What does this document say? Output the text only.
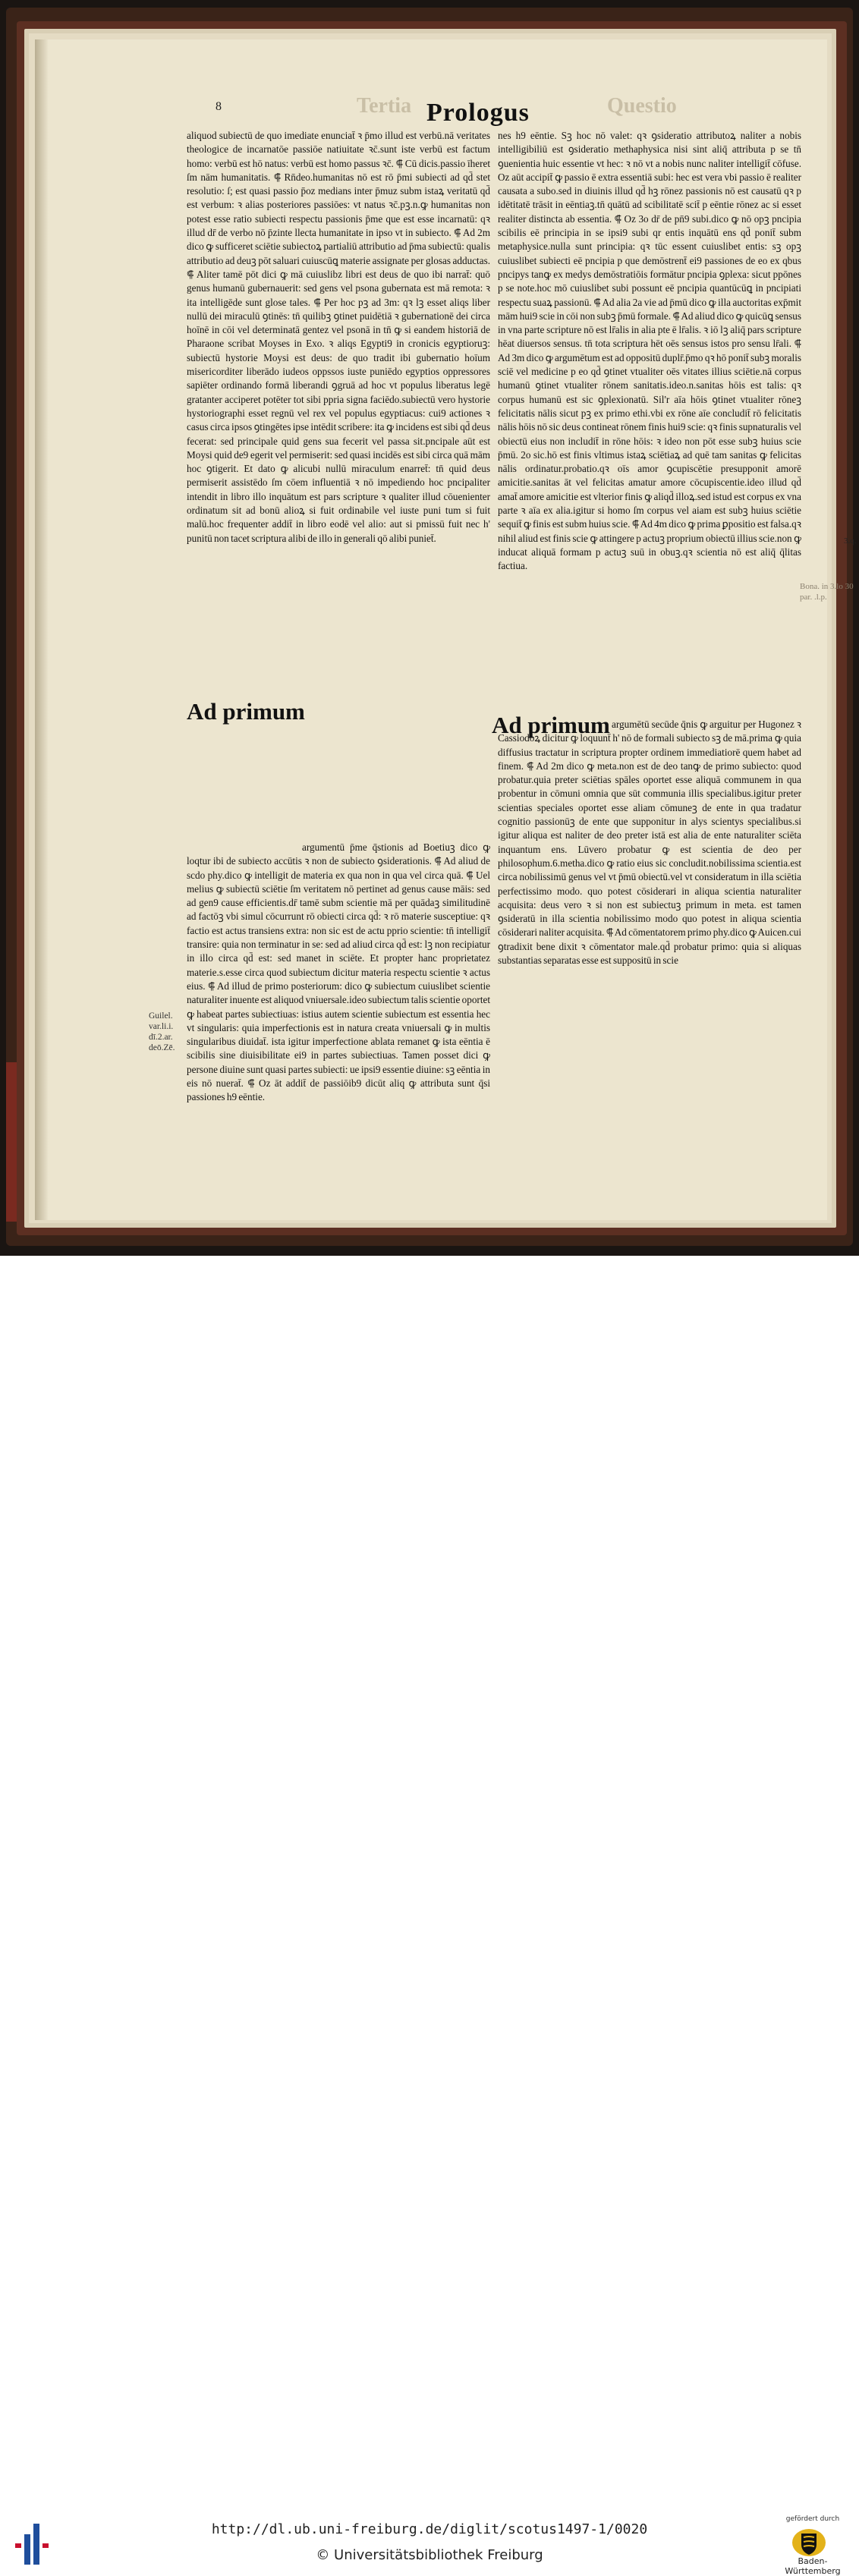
Tertia	Questio
8	Prologus

aliquod subiectū de quo imediate enunciat̄ ꝛ p̄mo illud est verbū.nā veritates theologice de incarnatōe passiōe natiuitate ꝛc̄.sunt iste verbū est factum homo: verbū est hō natus: verbū est homo passus ꝛc̄. ⸿ Cū dicis.passio īheret ſm nām humanitatis. ⸿ Rn̄deo.humanitas nō est rō p̄mi subiecti ad qd̄ stet resolutio: ſ; est quasi passio p̄oz medians inter p̄muz subm istaꝝ veritatū qd̄ est verbum: ꝛ alias posteriores passiōes: vt natus ꝛc̄.pꝫ.n.ꝙ humanitas non potest esse ratio subiecti respectu passionis p̄me que est esse incarnatū: qꝛ illud dr̄ de verbo nō p̄zinte llecta humanitate in ipso vt in subiecto. ⸿ Ad 2m dico ꝙ sufficeret sciētie subiectoꝝ partialiū attributio ad p̄ma subiectū: qualis attributio ad deuꝫ pōt saluari cuiuscūꝗ materie assignate per glosas adductas. ⸿ Aliter tamē pōt dici ꝙ mā cuiuslibz libri est deus de quo ibi narrat̄: quō genus humanū gubernauerit: sed gens vel psona gubernata est mā remota: ꝛ ita intelligēde sunt glose tales. ⸿ Per hoc pꝫ ad 3m: qꝛ lꝫ esset aliqs liber nullū dei miraculū ꝯtinēs: tn̄ quilibꝫ ꝯtinet puidētiā ꝛ gubernationē dei circa hoīnē in cōi vel determinatā gentez vel psonā in tn̄ ꝙ si eandem historiā de Pharaone scribat Moyses in Exo. ꝛ aliqs Egypti9 in cronicis egyptioruꝫ: subiectū hystorie Moysi est deus: de quo tradit ibi gubernatio hoīum misericorditer liberādo iudeos oppssos iuste puniēdo egyptios oppressores sapiēter ordinando formā liberandi ꝯgruā ad hoc vt populus liberatus legē gratanter acciperet potēter tot sibi ppria signa faciēdo.subiectū vero hystorie hystoriographi esset regnū vel rex vel populus egyptiacus: cui9 actiones ꝛ casus circa ipsos ꝯtingētes ipse intēdit scribere: ita ꝙ incidens est sibi qd̄ deus fecerat: sed principale quid gens sua fecerit vel passa sit.pncipale aūt est Moysi quid de9 egerit vel permiserit: sed quasi incidēs est sibi circa quā mām hoc ꝯtigerit. Et dato ꝙ alicubi nullū miraculum enarret̄: tn̄ quid deus permiserit assistēdo ſm cōem influentiā ꝛ nō impediendo hoc pncipaliter intendit in libro illo inquātum est pars scripture ꝛ qualiter illud cōuenienter ordinatum sit ad bonū alioꝝ si fuit ordinabile vel iuste puni tum si fuit malū.hoc frequenter addit̄ in libro eodē vel alio: aut si pmissū fuit nec h' punitū non tacet scriptura alibi de illo in generali qō alibi puniet̄.

argumentū p̄me q̄stionis ad Boetiuꝫ dico ꝙ loqtur ibi de subiecto accūtis ꝛ non de subiecto ꝯsiderationis. ⸿ Ad aliud de scdo phy.dico ꝙ intelligit de materia ex qua non in qua vel circa quā. ⸿ Uel melius ꝙ subiectū sciētie ſm veritatem nō pertinet ad genus cause māis: sed ad gen9 cause efficientis.dr̄ tamē subm scientie mā per quādaꝫ similitudinē ad factōꝫ vbi simul cōcurrunt rō obiecti circa qd̄: ꝛ rō materie susceptiue: qꝛ factio est actus transiens extra: non sic est de actu pprio scientie: tn̄ intelligit̄ transire: quia non terminatur in se: sed ad aliud circa qd̄ est: lꝫ non recipiatur in illo circa qd̄ est: sed manet in sciēte. Et propter hanc proprietatez materie.s.esse circa quod subiectum dicitur materia respectu scientie ꝛ actus eius. ⸿ Ad illud de primo posteriorum: dico ꝙ subiectum cuiuslibet scientie naturaliter inuente est aliquod vniuersale.ideo subiectum talis scientie oportet ꝙ habeat partes subiectiuas: istius autem scientie subiectum est essentia hec vt singularis: quia imperfectionis est in natura creata vniuersali ꝙ in multis singularibus diuidat̄. ista igitur imperfectione ablata remanet ꝙ ista eēntia ē scibilis sine diuisibilitate ei9 in partes subiectiuas. Tamen posset dici ꝙ persone diuine sunt quasi partes subiecti: ue ipsi9 essentie diuine: sꝫ eēntia in eis nō nuerat̄. ⸿ Oz āt addit̄ de passiōib9 dicūt aliq ꝙ attributa sunt q̄si passiones h9 eēntie.

Ad primum

nes h9 eēntie. Sꝫ hoc nō valet: qꝛ ꝯsideratio attributoꝝ naliter a nobis intelligibiliū est ꝯsideratio methaphysica nisi sint aliq̄ attributa p se tn̄ ꝯuenientia huic essentie vt hec: ꝛ nō vt a nobis nunc naliter intelligit̄ cōfuse. Oz aūt accipit̄ ꝙ passio ē extra essentiā subi: hec est vera vbi passio ē realiter causata a subo.sed in diuinis illud qd̄ hꝫ rōnez passionis nō est causatū qꝛ p idētitatē trāsit in eēntiaꝫ.tn̄ quātū ad scibilitatē scit̄ p eēntie rōnez ac si esset realiter distincta ab essentia. ⸿ Oz 3o dr̄ de pn̄9 subi.dico ꝙ nō opꝫ pncipia scibilis eē principia in se ipsi9 subi qr entis inquātū ens qd̄ ponit̄ subm metaphysice.nulla sunt principia: qꝛ tūc essent cuiuslibet entis: sꝫ opꝫ cuiuslibet subiecti eē pncipia p que demōstrent̄ ei9 passiones de eo ex qbus pncipys tanꝙ ex medys demōstratiōis formātur pncipia ꝯplexa: sicut ppōnes p se note.hoc mō cuiuslibet subi possunt eē pncipia quantūcūꝗ in pncipiati respectu suaꝝ passionū. ⸿ Ad alia 2a vie ad p̄mū dico ꝙ illa auctoritas exp̄mit mām hui9 scie in cōi non subꝫ p̄mū formale. ⸿ Ad aliud dico ꝙ quicūꝗ sensus in vna parte scripture nō est lr̄alis in alia pte ē lr̄alis. ꝛ iō lꝫ aliq̄ pars scripture hēat diuersos sensus. tn̄ tota scriptura hēt oēs sensus istos pro sensu lr̄ali. ⸿ Ad 3m dico ꝙ argumētum est ad oppositū duplr̄.p̄mo qꝛ hō ponit̄ subꝫ moralis sciē vel medicine p eo qd̄ ꝯtinet vtualiter oēs vitates illius sciētie.nā corpus humanū ꝯtinet vtualiter rōnem sanitatis.ideo.n.sanitas hōis est talis: qꝛ corpus humanū est sic ꝯplexionatū. Sil'r aīa hōis ꝯtinet vtualiter rōneꝫ felicitatis nālis sicut pꝫ ex primo ethi.vbi ex rōne aīe concludit̄ rō felicitatis nālis hōis nō sic deus contineat rōnem finis hui9 scie: qꝛ finis supnaturalis vel obiectū eius non includit̄ in rōne hōis: ꝛ ideo non pōt esse subꝫ huius scie p̄mū. 2o sic.hō est finis vltimus istaꝝ sciētiaꝝ ad quē tam sanitas ꝙ felicitas nālis ordinatur.probatio.qꝛ oīs amor ꝯcupiscētie presupponit amorē amicitie.sanitas āt vel felicitas amatur amore cōcupiscentie.ideo illud qd̄ amat̄ amore amicitie est vlterior finis ꝙ aliqd̄ illoꝝ.sed istud est corpus ex vna parte ꝛ aīa ex alia.igitur si homo ſm corpus vel aiam est subꝫ huius sciētie sequit̄ ꝙ finis est subm huius scie. ⸿ Ad 4m dico ꝙ prima ꝑpositio est falsa.qꝛ nihil aliud est finis scie ꝙ attingere p actuꝫ proprium obiectū illius scie.non ꝙ inducat aliquā formam p actuꝫ suū in obuꝫ.qꝛ scientia nō est aliq̄ q̄litas factiua.

argumētū secūde q̄nis ꝙ arguitur per Hugonez ꝛ Cassiodoꝝ dicitur ꝙ loquunt̄ h' nō de formali subiecto sꝫ de mā.prima ꝙ quia diffusius tractatur in scriptura propter ordinem immediatiorē quem habet ad finem. ⸿ Ad 2m dico ꝙ meta.non est de deo tanꝙ de primo subiecto: quod probatur.quia preter sciētias spāles oportet esse aliquā communem in qua probentur in cōmuni omnia que sūt communia illis specialibus.igitur preter scientias speciales oportet esse aliam cōmuneꝫ de ente in qua tradatur cognitio passionūꝫ de ente que supponitur in alys scientys specialibus.si igitur aliqua est naliter de deo preter istā est alia de ente naturaliter sciēta inquantum ens. Lūvero probatur ꝙ est scientia de deo per philosophum.6.metha.dico ꝙ ratio eius sic concludit.nobilissima scientia.est circa nobilissimū genus vel vt p̄mū obiectū.vel vt consideratum in illa sciētia perfectissimo modo. quo potest cōsiderari in aliqua scientia naturaliter acquisita: deus vero ꝛ si non est subiectuꝫ primum in meta. est tamen ꝯsideratū in illa scientia nobilissimo modo quo potest in aliqua scientia cōsiderari naliter acquisita. ⸿ Ad cōmentatorem primo phy.dico ꝙ Auicen.cui ꝯtradixit bene dixit ꝛ cōmentator male.qd̄ probatur primo: quia si aliquas substantias separatas esse est suppositū in scie

Ad primum
Guilel. var.li.i. dī.2.ar. deō.Zē.
3.q.
Bona. in 3.lo 30 par. .l.p.
http://dl.ub.uni-freiburg.de/diglit/scotus1497-1/0020
© Universitätsbibliothek Freiburg
gefördert durch
Baden-Württemberg
